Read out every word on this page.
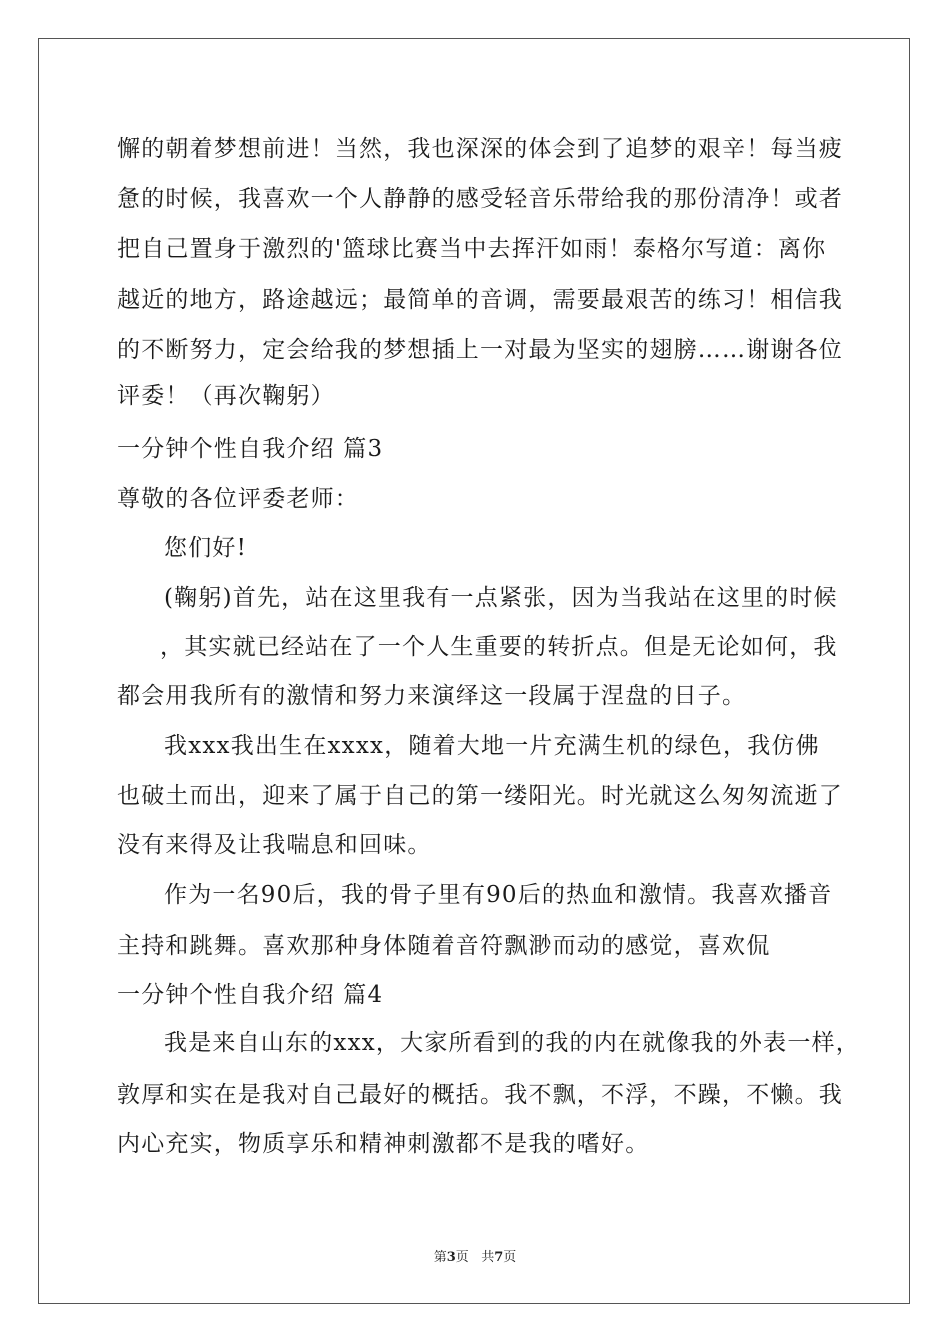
懈的朝着梦想前进！当然，我也深深的体会到了追梦的艰辛！每当疲
惫的时候，我喜欢一个人静静的感受轻音乐带给我的那份清净！或者
把自己置身于激烈的'篮球比赛当中去挥汗如雨！泰格尔写道：离你
越近的地方，路途越远；最简单的音调，需要最艰苦的练习！相信我
的不断努力，定会给我的梦想插上一对最为坚实的翅膀……谢谢各位
评委！（再次鞠躬）
一分钟个性自我介绍 篇3
尊敬的各位评委老师：
您们好!
(鞠躬)首先，站在这里我有一点紧张，因为当我站在这里的时候
，其实就已经站在了一个人生重要的转折点。但是无论如何，我
都会用我所有的激情和努力来演绎这一段属于涅盘的日子。
我xxx我出生在xxxx，随着大地一片充满生机的绿色，我仿佛
也破土而出，迎来了属于自己的第一缕阳光。时光就这么匆匆流逝了
没有来得及让我喘息和回味。
作为一名90后，我的骨子里有90后的热血和激情。我喜欢播音
主持和跳舞。喜欢那种身体随着音符飘渺而动的感觉，喜欢侃
一分钟个性自我介绍 篇4
我是来自山东的xxx，大家所看到的我的内在就像我的外表一样，
敦厚和实在是我对自己最好的概括。我不飘，不浮，不躁，不懒。我
内心充实，物质享乐和精神刺激都不是我的嗜好。
第3页 共7页
